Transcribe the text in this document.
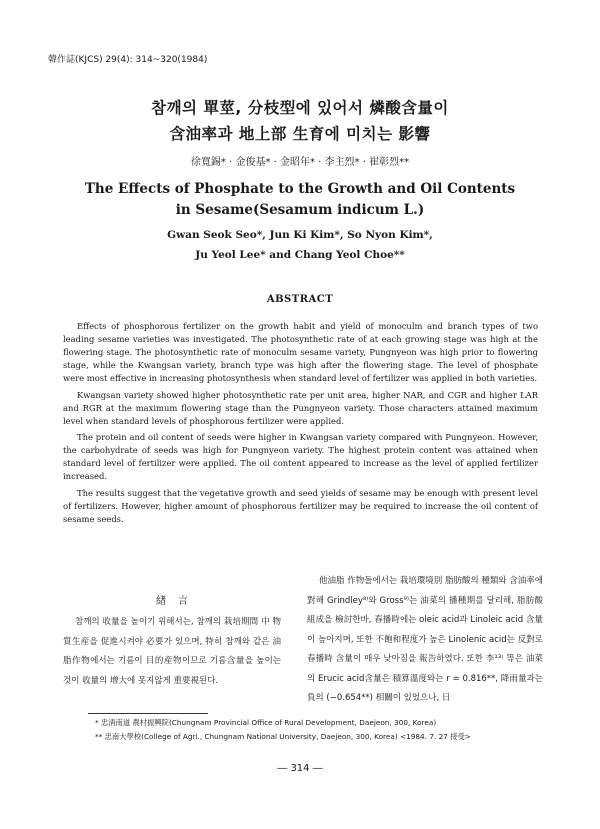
韓作誌(KJCS) 29(4): 314~320(1984)
참깨의 單莖, 分枝型에 있어서 燐酸含量이
含油率과 地上部 生育에 미치는 影響
徐寬錫* · 金俊基* · 金昭年* · 李主烈* · 崔彰烈**
The Effects of Phosphate to the Growth and Oil Contents
in Sesame(Sesamum indicum L.)
Gwan Seok Seo*, Jun Ki Kim*, So Nyon Kim*,
Ju Yeol Lee* and Chang Yeol Choe**
ABSTRACT

Effects of phosphorous fertilizer on the growth habit and yield of monoculm and branch types of two leading sesame varieties was investigated. The photosynthetic rate of at each growing stage was high at the flowering stage. The photosynthetic rate of monoculm sesame variety, Pungnyeon was high prior to flowering stage, while the Kwangsan variety, branch type was high after the flowering stage. The level of phosphate were most effective in increasing photosynthesis when standard level of fertilizer was applied in both varieties.

Kwangsan variety showed higher photosynthetic rate per unit area, higher NAR, and CGR and higher LAR and RGR at the maximum flowering stage than the Pungnyeon variety. Those characters attained maximum level when standard levels of phosphorous fertilizer were applied.

The protein and oil content of seeds were higher in Kwangsan variety compared with Pungnyeon. However, the carbohydrate of seeds was high for Pungnyeon variety. The highest protein content was attained when standard level of fertilizer were applied. The oil content appeared to increase as the level of applied fertilizer increased.

The results suggest that the vegetative growth and seed yields of sesame may be enough with present level of fertilizers. However, higher amount of phosphorous fertilizer may be required to increase the oil content of sesame seeds.

緖言

참깨의 收量을 높이기 위해서는, 참깨의 栽培期間 中 物質生産을 促進시켜야 必要가 있으며, 特히 참깨와 같은 油脂作物에서는 기름이 目的産物이므로 기름含量을 높이는 것이 收量의 增大에 못지않게 重要視된다.

他油脂 作物들에서는 栽培環境別 脂肪酸의 種類와 含油率에 對해 Grindley⁸⁾와 Gross⁹⁾는 油菜의 播種期를 달리해, 脂肪酸組成을 檢討한바, 春播時에는 oleic acid과 Linoleic acid 含量이 높아지며, 또한 不飽和程度가 높은 Linolenic acid는 反對로 春播時 含量이 매우 낮아짐을 報告하였다. 또한 李¹³⁾ 等은 油菜의 Erucic acid含量은 積算溫度와는 r = 0.816**, 降雨量과는 負의 (−0.654**) 相關이 있었으나, 日

* 忠淸南道 農村振興院(Chungnam Provincial Office of Rural Development, Daejeon, 300, Korea)
** 忠南大學校(College of Agri., Chungnam National University, Daejeon, 300, Korea) <1984. 7. 27 接受>
― 314 ―
